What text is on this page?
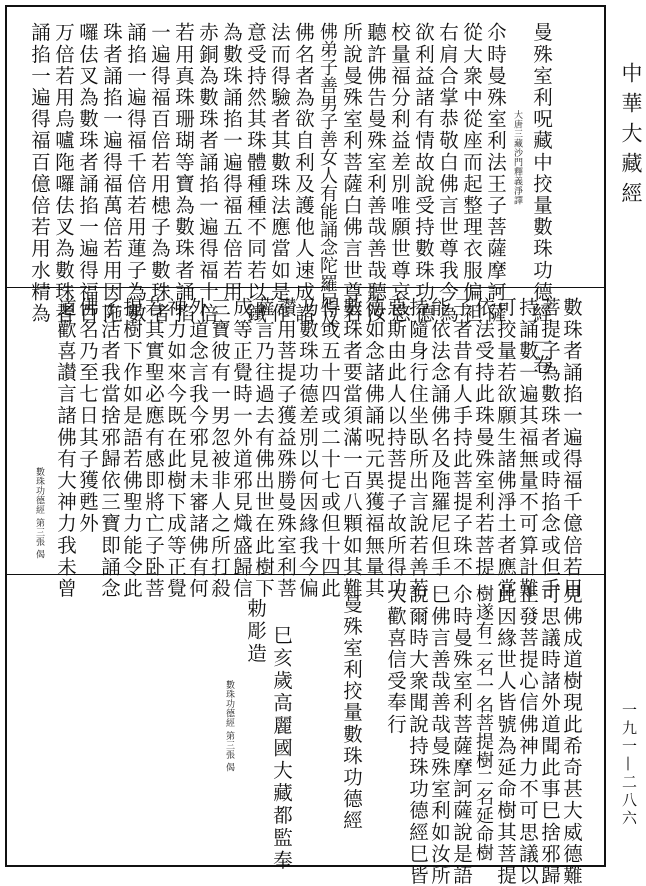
中華大藏經
一九一—二八六
曼殊室利呪藏中挍量數珠功德經 一卷
大唐三藏沙門釋義淨譯
尒時曼殊室利法王子菩薩摩訶薩
從大衆中從座而起整理衣服偏袒
右肩合掌恭敬白佛言世尊我今為
欲利益諸有情故說受持數珠功德
校量福分利益差別唯願世尊哀愍
聽許佛告曼殊室利善哉善哉聽汝
所說曼殊室利菩薩白佛言世尊若
佛弟子善男子善女人有能誦念陀羅尼及
佛名者為欲自利及護他人速成諸
法而得驗者其數珠法應當如是作
意受持然其珠體種種不同若以鐵
為數珠誦掐一遍得福五倍若用
赤銅為數珠者誦掐一遍得福十倍
若用真珠珊瑚等寶為數珠者誦掐
一遍得福百倍若用槵子為數珠者
誦掐一遍得福千倍若用蓮子為數
珠者誦掐一遍得福萬倍若用因陁
囉佉叉為數珠者誦掐一遍得福百
万倍若用烏嚧陁囉佉叉為數珠者
誦掐一遍得福百億倍若用水精為
數珠者誦掐一遍得福千億倍若用
菩提子為數珠者或時掐念或但手
持誦數一遍其福無量不可算計難
可挍量若欲願生諸佛淨土者應當
依法受持此珠曼殊室利若菩提
子者昔有人手持此菩提子珠不
能依法念誦佛名及陁羅尼但手
持隨身行住坐臥所出言說若善若
惡斯由此人以持菩提子故所得功
德如念諸佛誦呪元異獲福無量其
數珠者要當須滿一百八顆如其難
得或五十四或二十七或但十四此
乃數珠功德差別以何因緣我今偏
讃用菩提子獲益殊勝曼殊室利菩
薩言乃往過去有佛出世在此樹下
成等正覺時一外道邪見熾盛歸信
三寶彼有一男忽被非人之所打殺
外道念言我今邪見未審諸佛有何
神力如來今既在此樹下成等正覺
若其實聖必應有感即將亡子卧菩
提樹下作如是語若佛聖力能令此
子活者我當捨邪歸依三寶即誦念
佛名乃至七日其子獲甦外
道歡喜讃言諸佛有大神力我未曾
數珠功德經 第三張 偈
見佛成道樹現此希奇甚大威德難
可思議時諸外道聞此事巳捨邪歸
正發菩提心信佛神力不可思議以
此因緣世人皆號為延命樹其菩提
樹遂有二名一名菩提樹二名延命樹
尒時曼殊室利菩薩摩訶薩說是語
巳佛言善哉善哉曼殊室利如汝所
說爾時大衆聞說持珠功德經巳皆
大歡喜信受奉行
曼殊室利挍量數珠功德經
巳亥歲高麗國大藏都監奉
勅彫造
數珠功德經 第三張 偈
